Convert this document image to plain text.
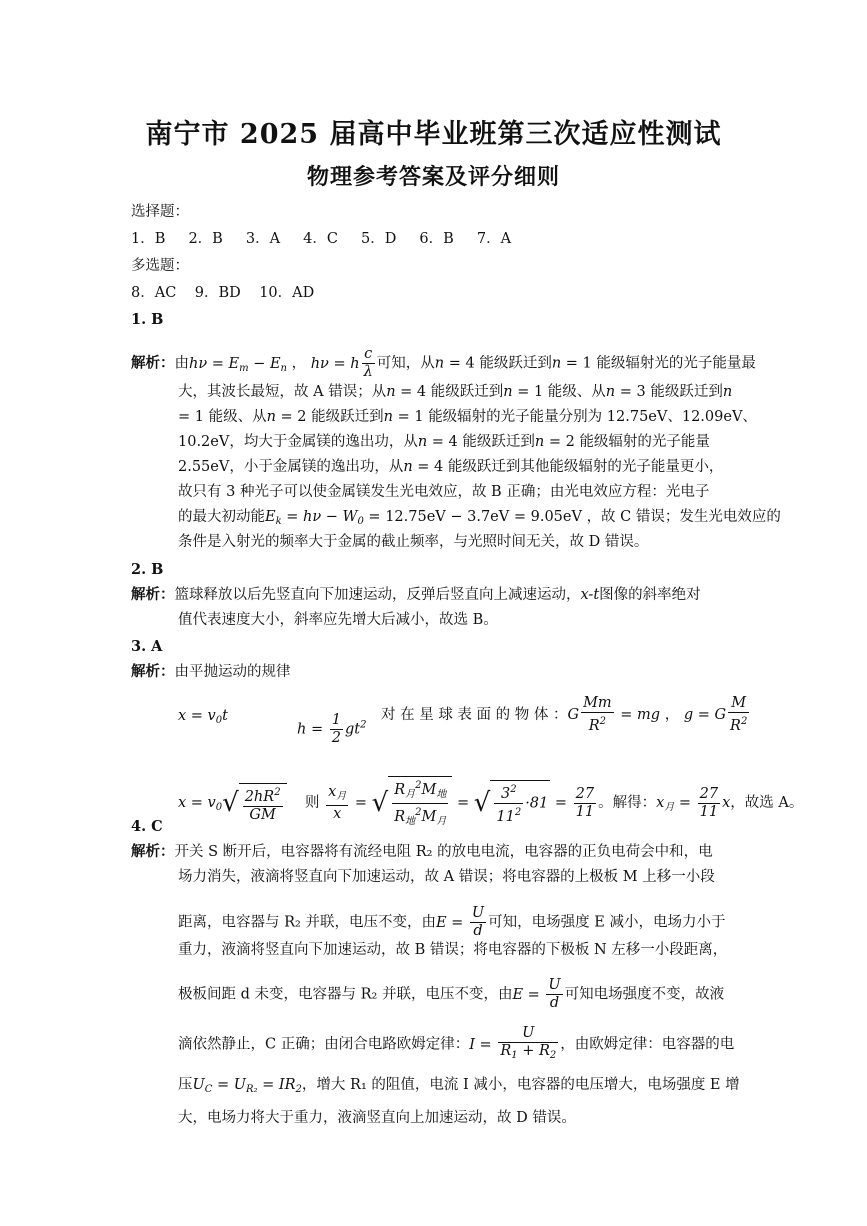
南宁市 2025 届高中毕业班第三次适应性测试
物理参考答案及评分细则
选择题：
1．B 2．B 3．A 4．C 5．D 6．B 7．A
多选题：
8．AC 9．BD 10．AD
1. B
解析：由$h\nu = E_m - E_n$ ， hν = h $\frac{c}{\lambda}$ 可知，从n = 4 能级跃迁到n = 1 能级辐射光的光子能量最
大，其波长最短，故 A 错误；从n = 4 能级跃迁到n = 1 能级、从n = 3 能级跃迁到n
= 1 能级、从n = 2 能级跃迁到n = 1 能级辐射的光子能量分别为 12.75eV、12.09eV、
10.2eV，均大于金属镁的逸出功，从n = 4 能级跃迁到n = 2 能级辐射的光子能量
2.55eV，小于金属镁的逸出功，从n = 4 能级跃迁到其他能级辐射的光子能量更小，
故只有 3 种光子可以使金属镁发生光电效应，故 B 正确；由光电效应方程：光电子
的最大初动能$E_k = h\nu - W_0 = 12.75eV - 3.7eV = 9.05eV$ ，故 C 错误；发生光电效应的
条件是入射光的频率大于金属的截止频率，与光照时间无关，故 D 错误。
2. B
解析：篮球释放以后先竖直向下加速运动，反弹后竖直向上减速运动，x-t图像的斜率绝对
值代表速度大小，斜率应先增大后减小，故选 B。
3. A
解析：由平抛运动的规律
$x = v_0t$
$h = \frac{1}{2} gt^2$
对 在 星 球 表 面 的 物 体 ：G $\frac{Mm}{R^2}$ = mg ， g = G $\frac{M}{R^2}$
$x = v_0√ \frac{2hR^2}{GM}$ 则 $\frac{x_月}{x}$ = √ $\frac{R_月^2M_地}{R_地^2M_月}$ = √ $\frac{3^2}{11^2} \cdot 81 = \frac{27}{11}$ 。解得：$x_月 = \frac{27}{11}$ x，故选 A。
4. C
解析：开关 S 断开后，电容器将有流经电阻 R₂ 的放电电流，电容器的正负电荷会中和，电
场力消失，液滴将竖直向下加速运动，故 A 错误；将电容器的上极板 M 上移一小段
距离，电容器与 R₂ 并联，电压不变，由$E = \frac{U}{d}$ 可知，电场强度 E 减小，电场力小于
重力，液滴将竖直向下加速运动，故 B 错误；将电容器的下极板 N 左移一小段距离，
极板间距 d 未变，电容器与 R₂ 并联，电压不变，由$E = \frac{U}{d}$ 可知电场强度不变，故液
滴依然静止，C 正确；由闭合电路欧姆定律：$I = \frac{U}{R_1 + R_2}$ ，由欧姆定律：电容器的电
压$U_C = U_{R_2} = IR_2$，增大 R₁ 的阻值，电流 I 减小，电容器的电压增大，电场强度 E 增
大，电场力将大于重力，液滴竖直向上加速运动，故 D 错误。
